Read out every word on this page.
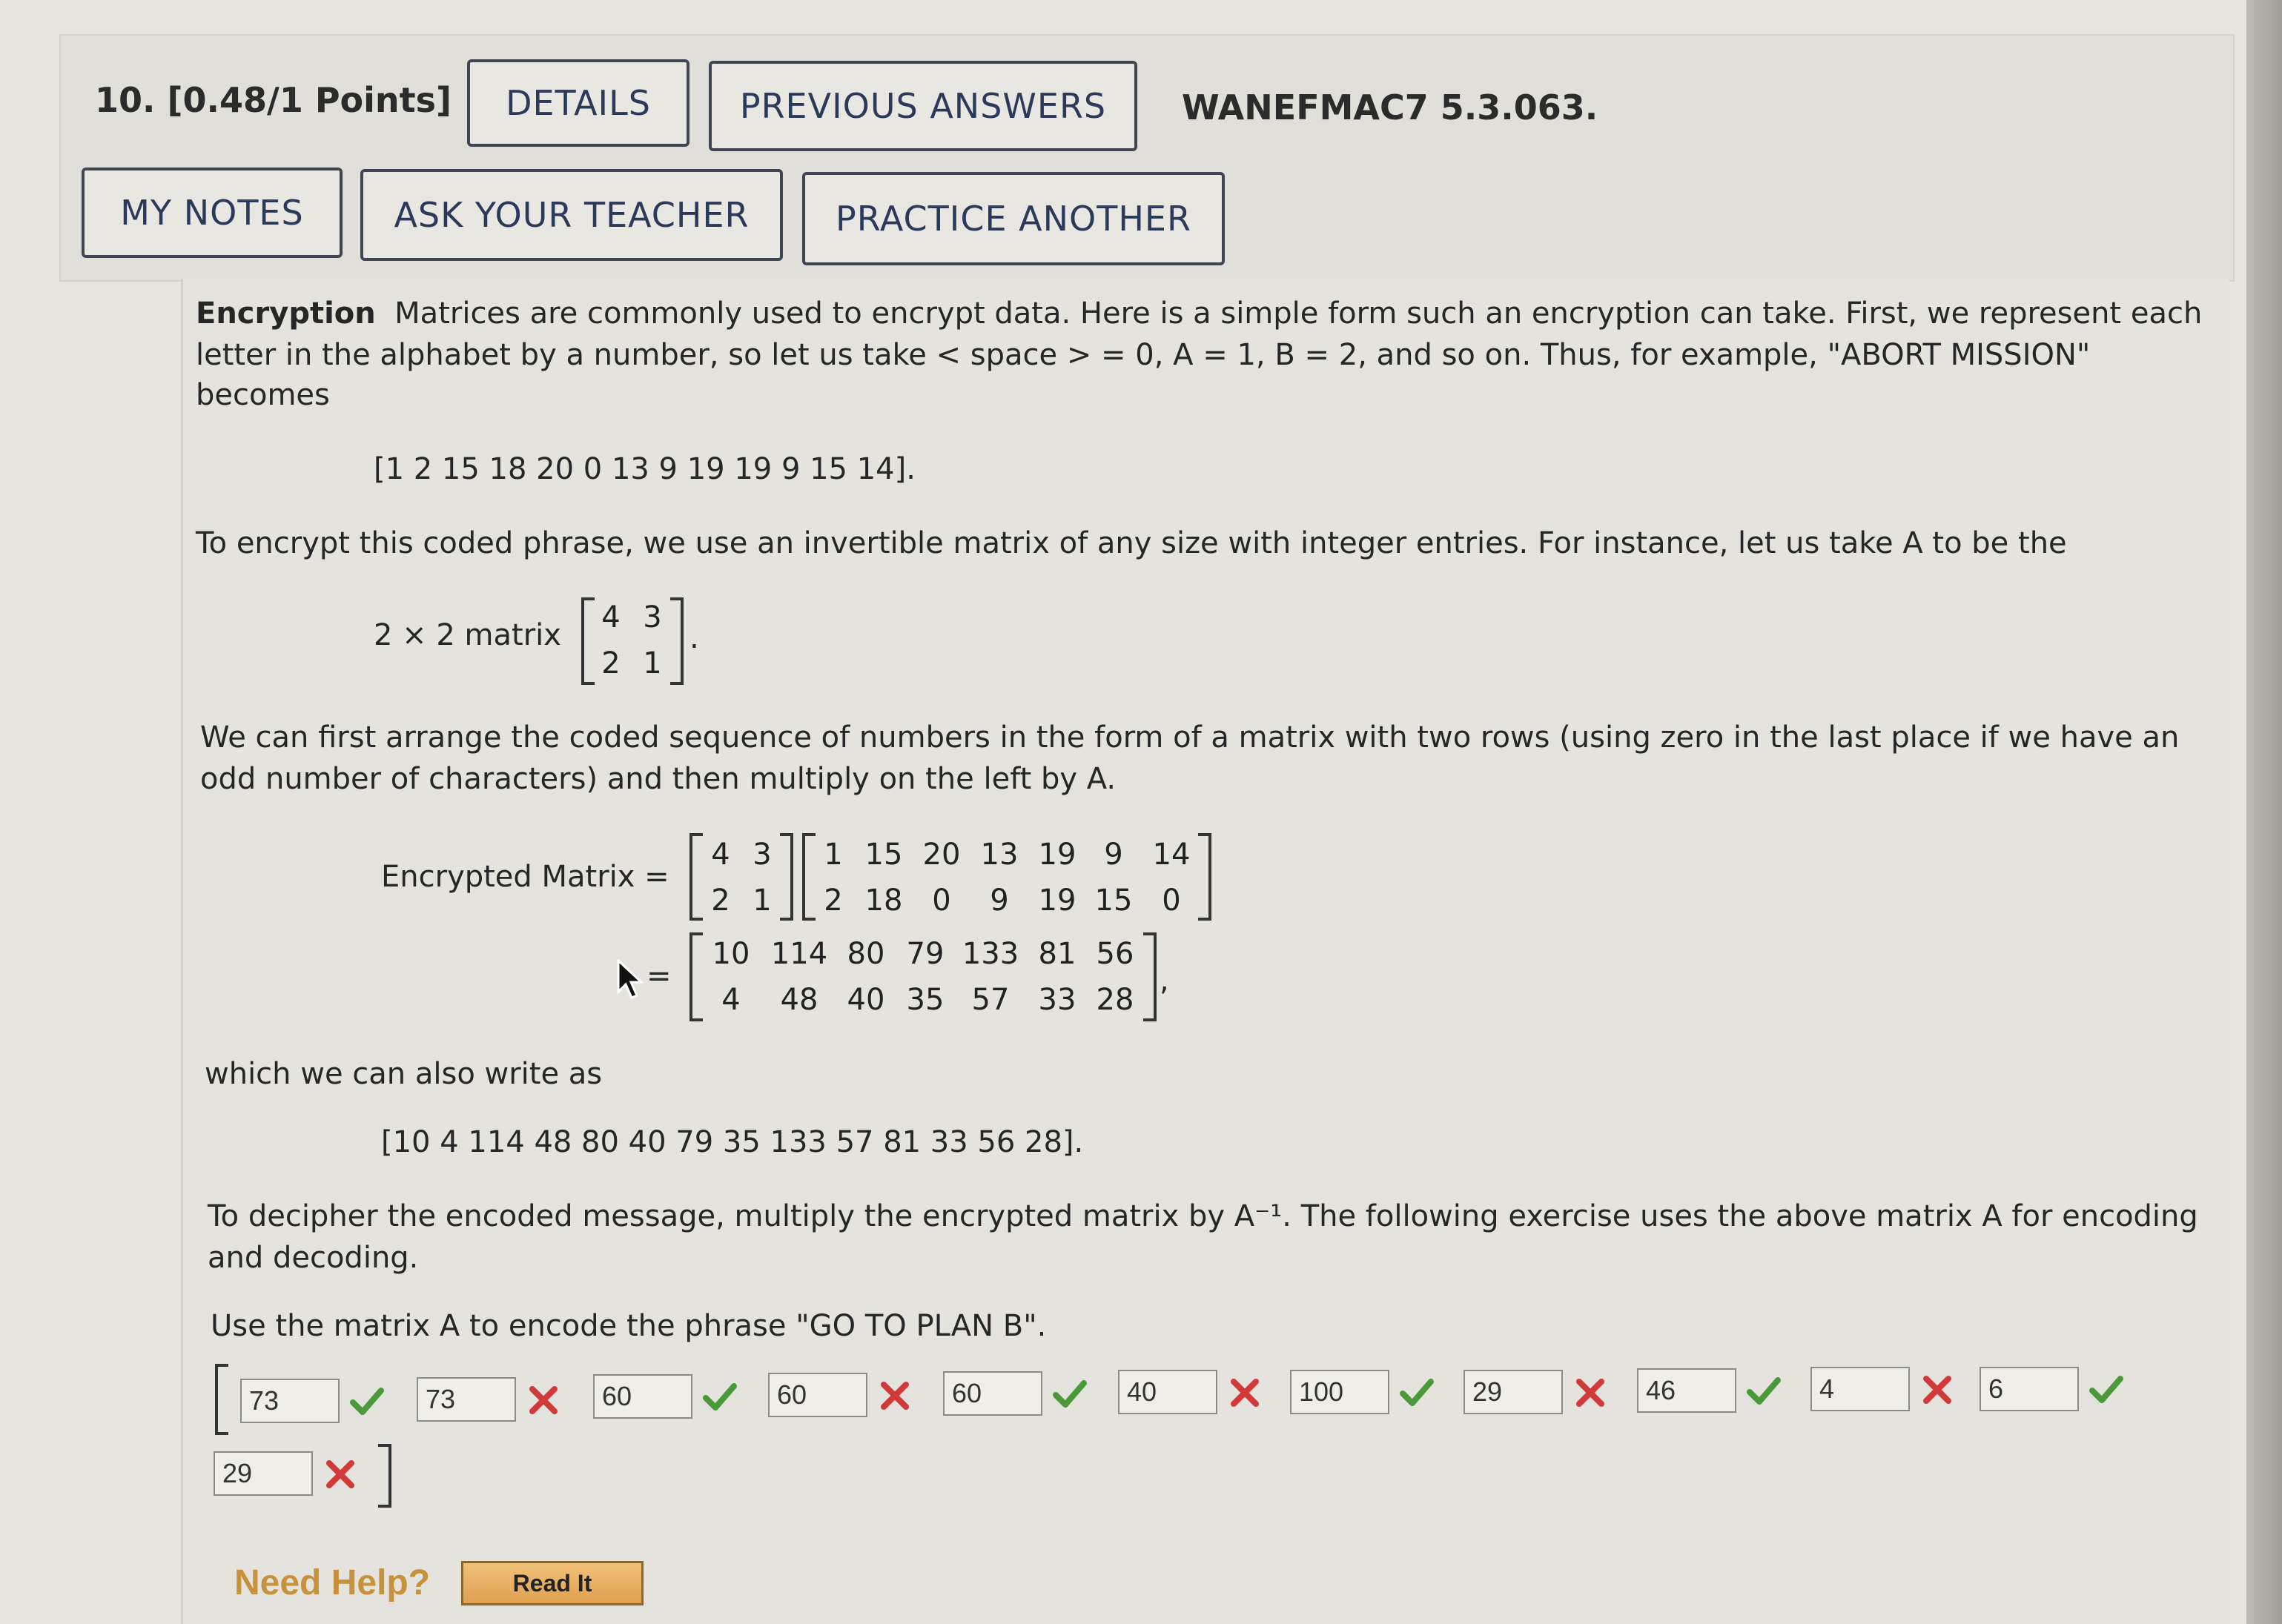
10. [0.48/1 Points]	DETAILS	PREVIOUS ANSWERS	WANEFMAC7 5.3.063.
MY NOTES	ASK YOUR TEACHER	PRACTICE ANOTHER
Encryption Matrices are commonly used to encrypt data. Here is a simple form such an encryption can take. First, we represent each
letter in the alphabet by a number, so let us take < space > = 0, A = 1, B = 2, and so on. Thus, for example, "ABORT MISSION"
becomes
[1 2 15 18 20 0 13 9 19 19 9 15 14].
To encrypt this coded phrase, we use an invertible matrix of any size with integer entries. For instance, let us take A to be the
2 × 2 matrix
4 3
2 1
.
We can first arrange the coded sequence of numbers in the form of a matrix with two rows (using zero in the last place if we have an
odd number of characters) and then multiply on the left by A.
Encrypted Matrix =
4 3
2 1
1 15 20 13 19 9 14
2 18 0	9 19 15 0
=
10 114 80 79 133 81 56
4	48 40 35 57 33 28
,
which we can also write as
[10 4 114 48 80 40 79 35 133 57 81 33 56 28].
To decipher the encoded message, multiply the encrypted matrix by A⁻¹. The following exercise uses the above matrix A for encoding
and decoding.
Use the matrix A to encode the phrase "GO TO PLAN B".
73	73	60	60	60	40	100	29	46	4	6
29
Need Help?	Read It
